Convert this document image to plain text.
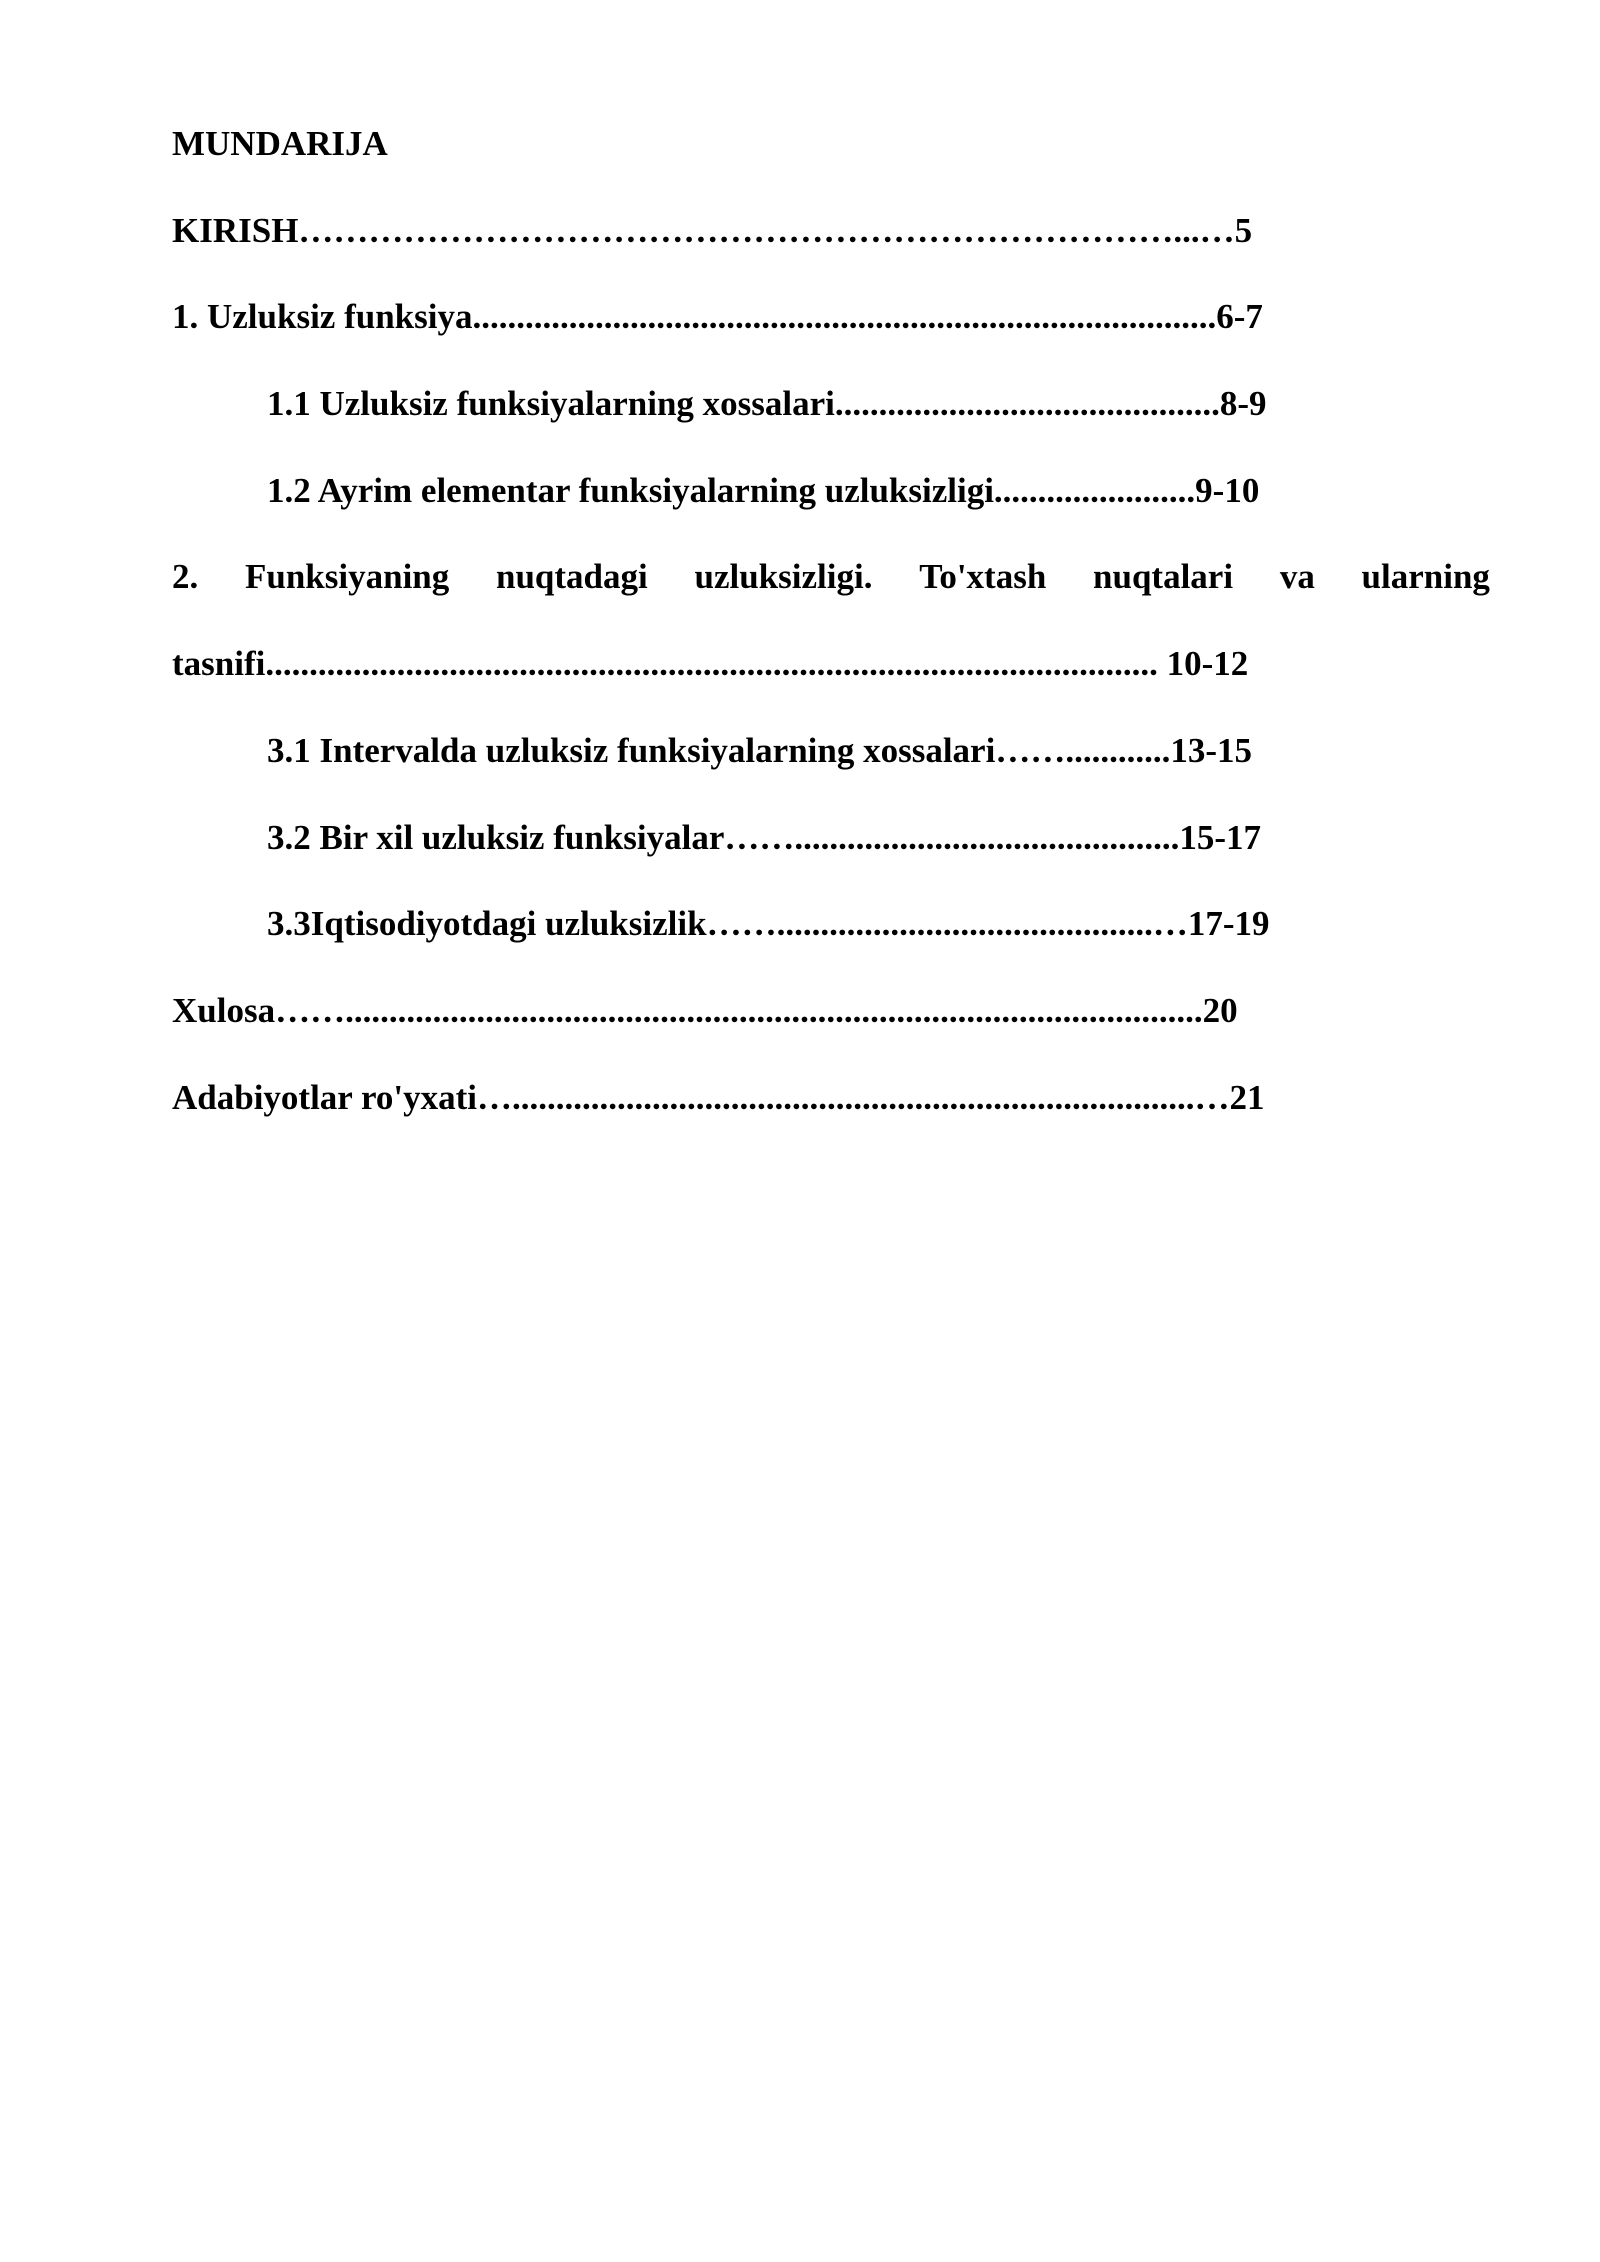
MUNDARIJA
KIRISH…………………………………………………………………...…5
1. Uzluksiz funksiya.....................................................................................6-7
1.1 Uzluksiz funksiyalarning xossalari............................................8-9
1.2 Ayrim elementar funksiyalarning uzluksizligi.......................9-10
2. Funksiyaning nuqtadagi uzluksizligi. To'xtash nuqtalari va ularning
tasnifi...................................................................................................... 10-12
3.1 Intervalda uzluksiz funksiyalarning xossalari……............13-15
3.2 Bir xil uzluksiz funksiyalar……............................................15-17
3.3Iqtisodiyotdagi uzluksizlik……...........................................…17-19
Xulosa……..................................................................................................20
Adabiyotlar ro'yxati…..............................................................................…21
